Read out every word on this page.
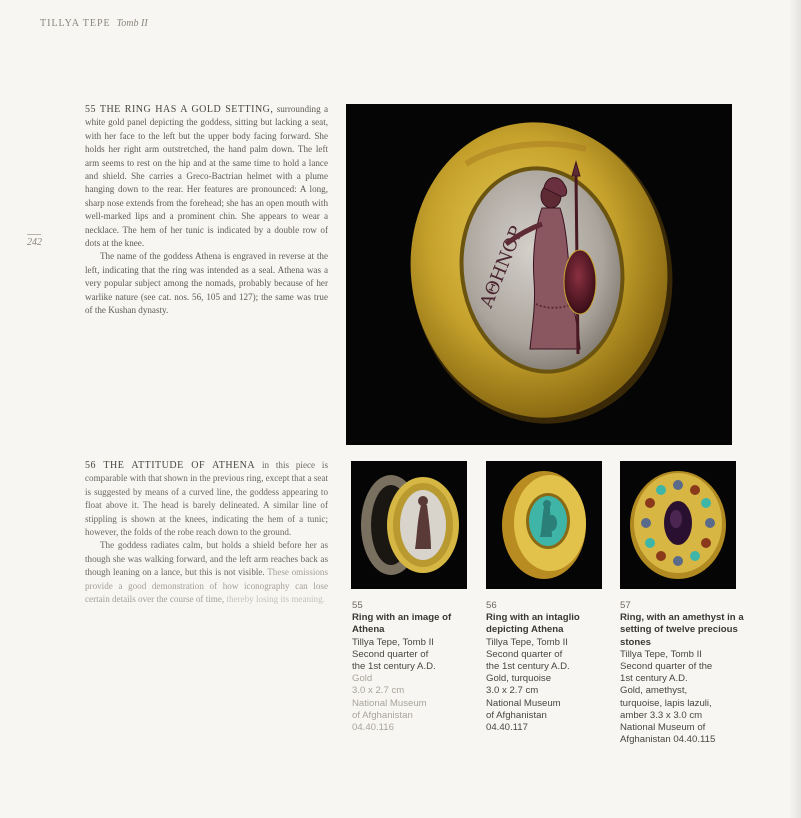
TILLYA TEPE Tomb II
242

55 THE RING HAS A GOLD SETTING, surrounding a white gold panel depicting the goddess, sitting but lacking a seat, with her face to the left but the upper body facing forward. She holds her right arm outstretched, the hand palm down. The left arm seems to rest on the hip and at the same time to hold a lance and shield. She carries a Greco-Bactrian helmet with a plume hanging down to the rear. Her features are pronounced: A long, sharp nose extends from the forehead; she has an open mouth with well-marked lips and a prominent chin. She appears to wear a necklace. The hem of her tunic is indicated by a double row of dots at the knee.

The name of the goddess Athena is engraved in reverse at the left, indicating that the ring was intended as a seal. Athena was a very popular subject among the nomads, probably because of her warlike nature (see cat. nos. 56, 105 and 127); the same was true of the Kushan dynasty.

56 THE ATTITUDE OF ATHENA in this piece is comparable with that shown in the previous ring, except that a seat is suggested by means of a curved line, the goddess appearing to float above it. The head is barely delineated. A similar line of stippling is shown at the knees, indicating the hem of a tunic; however, the folds of the robe reach down to the ground.

The goddess radiates calm, but holds a shield before her as though she was walking forward, and the left arm reaches back as though leaning on a lance, but this is not visible. These omissions provide a good demonstration of how iconography can lose certain details over the course of time, thereby losing its meaning.

ΑΘΗΝΟΡ
55
Ring with an image of Athena
Tillya Tepe, Tomb II
Second quarter of
the 1st century A.D.
Gold
3.0 x 2.7 cm
National Museum
of Afghanistan
04.40.116
56
Ring with an intaglio depicting Athena
Tillya Tepe, Tomb II
Second quarter of
the 1st century A.D.
Gold, turquoise
3.0 x 2.7 cm
National Museum
of Afghanistan
04.40.117
57
Ring, with an amethyst in a setting of twelve precious stones
Tillya Tepe, Tomb II
Second quarter of the
1st century A.D.
Gold, amethyst,
turquoise, lapis lazuli,
amber 3.3 x 3.0 cm
National Museum of
Afghanistan 04.40.115
